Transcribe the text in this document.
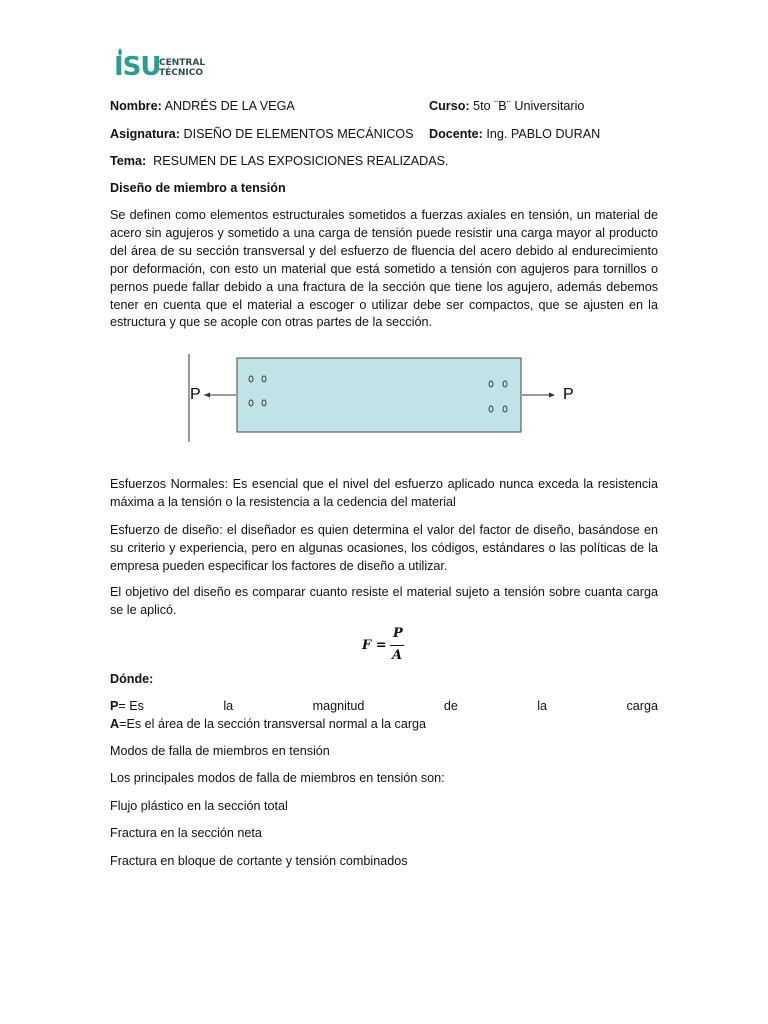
ISU
CENTRAL
TÉCNICO
Nombre: ANDRÉS DE LA VEGA	Curso: 5to ¨B¨ Universitario
Asignatura: DISEÑO DE ELEMENTOS MECÁNICOS Docente: Ing. PABLO DURAN
Tema: RESUMEN DE LAS EXPOSICIONES REALIZADAS.
Diseño de miembro a tensión
Se definen como elementos estructurales sometidos a fuerzas axiales en tensión, un material de acero sin agujeros y sometido a una carga de tensión puede resistir una carga mayor al producto del área de su sección transversal y del esfuerzo de fluencia del acero debido al endurecimiento por deformación, con esto un material que está sometido a tensión con agujeros para tornillos o pernos puede fallar debido a una fractura de la sección que tiene los agujero, además debemos tener en cuenta que el material a escoger o utilizar debe ser compactos, que se ajusten en la estructura y que se acople con otras partes de la sección.
P	P
Esfuerzos Normales: Es esencial que el nivel del esfuerzo aplicado nunca exceda la resistencia máxima a la tensión o la resistencia a la cedencia del material
Esfuerzo de diseño: el diseñador es quien determina el valor del factor de diseño, basándose en su criterio y experiencia, pero en algunas ocasiones, los códigos, estándares o las políticas de la empresa pueden especificar los factores de diseño a utilizar.
El objetivo del diseño es comparar cuanto resiste el material sujeto a tensión sobre cuanta carga se le aplicó.
F =
P
A
Dónde:
P= Es	la	magnitud	de	la	carga
A=Es el área de la sección transversal normal a la carga
Modos de falla de miembros en tensión
Los principales modos de falla de miembros en tensión son:
Flujo plástico en la sección total
Fractura en la sección neta
Fractura en bloque de cortante y tensión combinados
